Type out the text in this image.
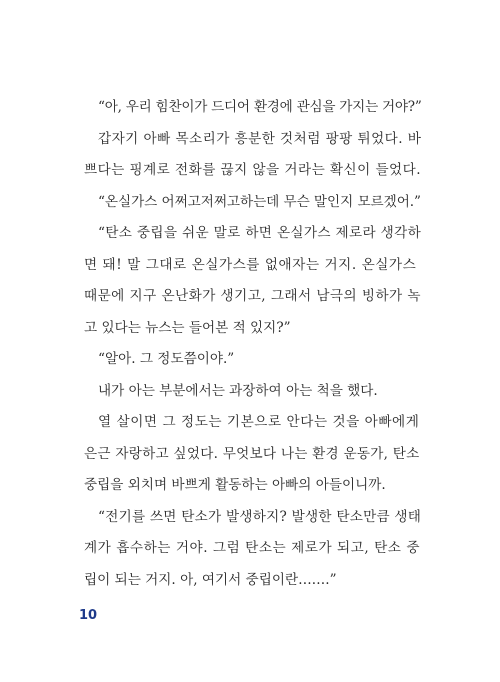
“아, 우리 힘찬이가 드디어 환경에 관심을 가지는 거야?”
갑자기 아빠 목소리가 흥분한 것처럼 팡팡 튀었다. 바
쁘다는 핑계로 전화를 끊지 않을 거라는 확신이 들었다.
“온실가스 어쩌고저쩌고하는데 무슨 말인지 모르겠어.”
“탄소 중립을 쉬운 말로 하면 온실가스 제로라 생각하
면 돼! 말 그대로 온실가스를 없애자는 거지. 온실가스
때문에 지구 온난화가 생기고, 그래서 남극의 빙하가 녹
고 있다는 뉴스는 들어본 적 있지?”
“알아. 그 정도쯤이야.”
내가 아는 부분에서는 과장하여 아는 척을 했다.
열 살이면 그 정도는 기본으로 안다는 것을 아빠에게
은근 자랑하고 싶었다. 무엇보다 나는 환경 운동가, 탄소
중립을 외치며 바쁘게 활동하는 아빠의 아들이니까.
“전기를 쓰면 탄소가 발생하지? 발생한 탄소만큼 생태
계가 흡수하는 거야. 그럼 탄소는 제로가 되고, 탄소 중
립이 되는 거지. 아, 여기서 중립이란…….”
10
